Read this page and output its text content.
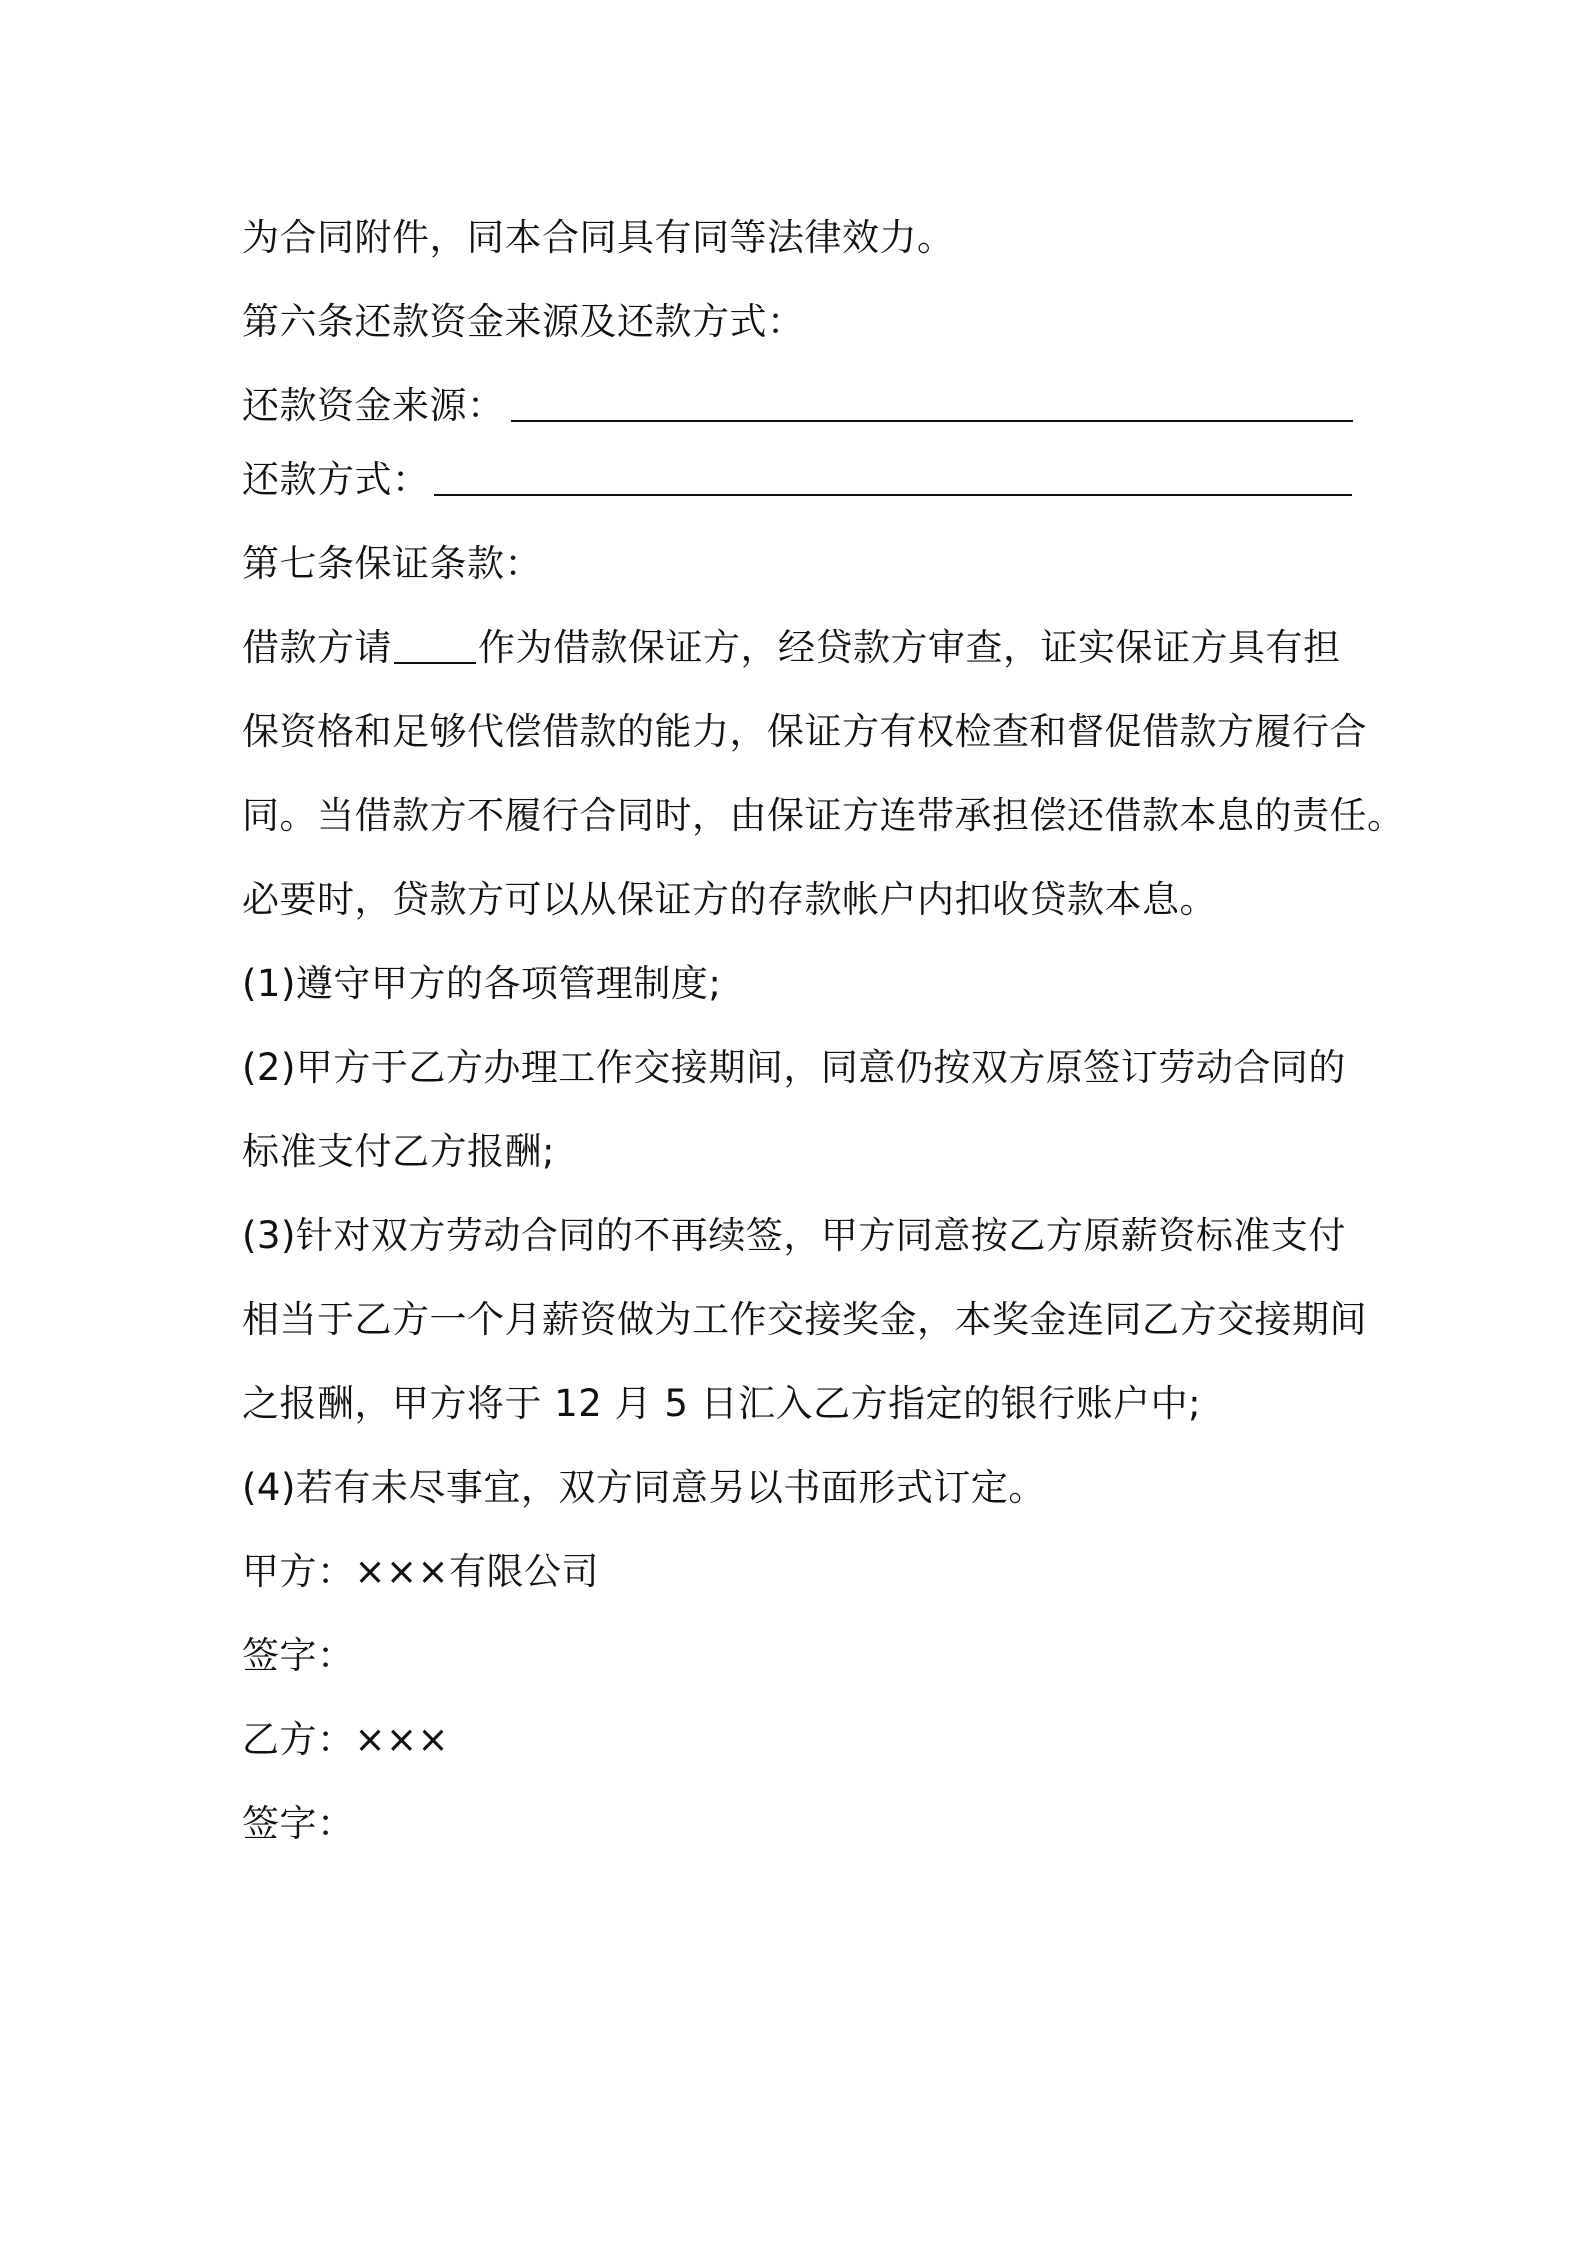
为合同附件，同本合同具有同等法律效力。

第六条还款资金来源及还款方式：

还款资金来源：

还款方式：

第七条保证条款：

借款方请 作为借款保证方，经贷款方审查，证实保证方具有担

保资格和足够代偿借款的能力，保证方有权检查和督促借款方履行合

同。当借款方不履行合同时，由保证方连带承担偿还借款本息的责任。

必要时，贷款方可以从保证方的存款帐户内扣收贷款本息。

(1)遵守甲方的各项管理制度;

(2)甲方于乙方办理工作交接期间，同意仍按双方原签订劳动合同的

标准支付乙方报酬;

(3)针对双方劳动合同的不再续签，甲方同意按乙方原薪资标准支付

相当于乙方一个月薪资做为工作交接奖金，本奖金连同乙方交接期间

之报酬，甲方将于 12 月 5 日汇入乙方指定的银行账户中;

(4)若有未尽事宜，双方同意另以书面形式订定。

甲方：×××有限公司

签字：

乙方：×××

签字：
